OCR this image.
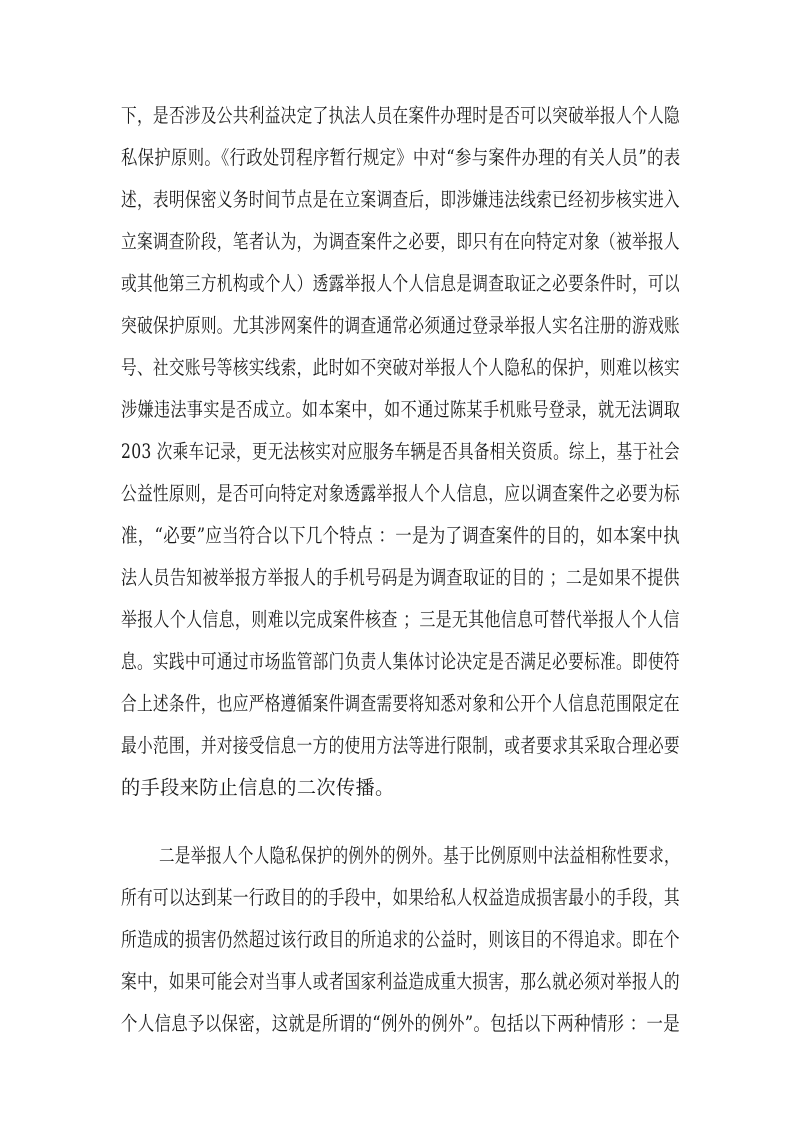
下，是否涉及公共利益决定了执法人员在案件办理时是否可以突破举报人个人隐
私保护原则。《行政处罚程序暂行规定》中对“参与案件办理的有关人员”的表
述，表明保密义务时间节点是在立案调查后，即涉嫌违法线索已经初步核实进入
立案调查阶段，笔者认为，为调查案件之必要，即只有在向特定对象（被举报人
或其他第三方机构或个人）透露举报人个人信息是调查取证之必要条件时，可以
突破保护原则。尤其涉网案件的调查通常必须通过登录举报人实名注册的游戏账
号、社交账号等核实线索，此时如不突破对举报人个人隐私的保护，则难以核实
涉嫌违法事实是否成立。如本案中，如不通过陈某手机账号登录，就无法调取
203 次乘车记录，更无法核实对应服务车辆是否具备相关资质。综上，基于社会
公益性原则，是否可向特定对象透露举报人个人信息，应以调查案件之必要为标
准，“必要”应当符合以下几个特点 ：一是为了调查案件的目的，如本案中执
法人员告知被举报方举报人的手机号码是为调查取证的目的 ；二是如果不提供
举报人个人信息，则难以完成案件核查 ；三是无其他信息可替代举报人个人信
息。实践中可通过市场监管部门负责人集体讨论决定是否满足必要标准。即使符
合上述条件，也应严格遵循案件调查需要将知悉对象和公开个人信息范围限定在
最小范围，并对接受信息一方的使用方法等进行限制，或者要求其采取合理必要
的手段来防止信息的二次传播。
二是举报人个人隐私保护的例外的例外。基于比例原则中法益相称性要求，
所有可以达到某一行政目的的手段中，如果给私人权益造成损害最小的手段，其
所造成的损害仍然超过该行政目的所追求的公益时，则该目的不得追求。即在个
案中，如果可能会对当事人或者国家利益造成重大损害，那么就必须对举报人的
个人信息予以保密，这就是所谓的“例外的例外”。包括以下两种情形 ：一是
